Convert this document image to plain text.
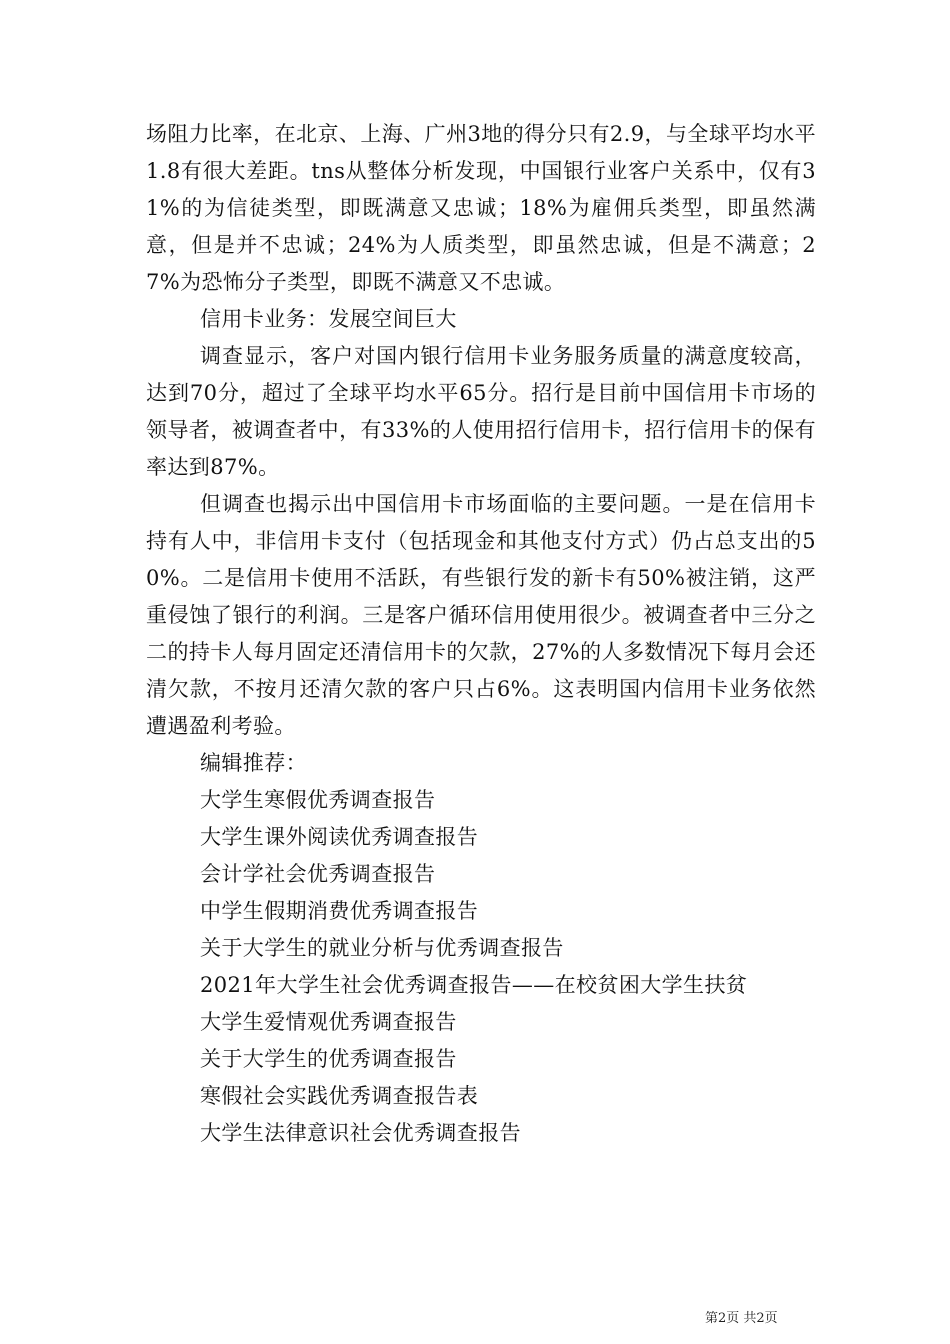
场阻力比率，在北京、上海、广州3地的得分只有2.9，与全球平均水平1.8有很大差距。tns从整体分析发现，中国银行业客户关系中，仅有31%的为信徒类型，即既满意又忠诚；18%为雇佣兵类型，即虽然满意，但是并不忠诚；24%为人质类型，即虽然忠诚，但是不满意；27%为恐怖分子类型，即既不满意又不忠诚。

信用卡业务：发展空间巨大

调查显示，客户对国内银行信用卡业务服务质量的满意度较高，达到70分，超过了全球平均水平65分。招行是目前中国信用卡市场的领导者，被调查者中，有33%的人使用招行信用卡，招行信用卡的保有率达到87%。

但调查也揭示出中国信用卡市场面临的主要问题。一是在信用卡持有人中，非信用卡支付（包括现金和其他支付方式）仍占总支出的50%。二是信用卡使用不活跃，有些银行发的新卡有50%被注销，这严重侵蚀了银行的利润。三是客户循环信用使用很少。被调查者中三分之二的持卡人每月固定还清信用卡的欠款，27%的人多数情况下每月会还清欠款，不按月还清欠款的客户只占6%。这表明国内信用卡业务依然遭遇盈利考验。

编辑推荐：

大学生寒假优秀调查报告
大学生课外阅读优秀调查报告
会计学社会优秀调查报告
中学生假期消费优秀调查报告
关于大学生的就业分析与优秀调查报告
2021年大学生社会优秀调查报告——在校贫困大学生扶贫
大学生爱情观优秀调查报告
关于大学生的优秀调查报告
寒假社会实践优秀调查报告表
大学生法律意识社会优秀调查报告
第2页 共2页
